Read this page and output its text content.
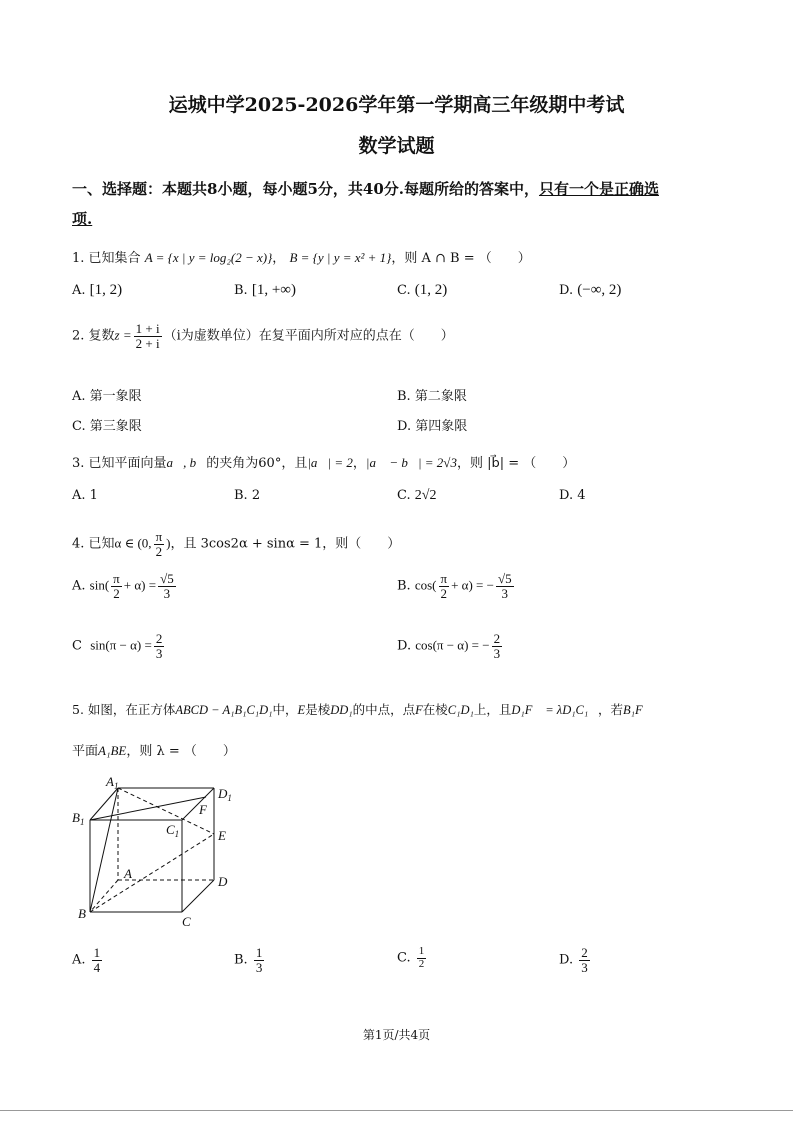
运城中学2025-2026学年第一学期高三年级期中考试
数学试题
一、选择题：本题共8小题，每小题5分，共40分.每题所给的答案中，只有一个是正确选
项.
1. 已知集合 A = {x | y = log₂(2 − x)}， B = {y | y = x² + 1}，则 A ∩ B = （　　）
A. [1, 2)	B. [1, +∞)	C. (1, 2)	D. (−∞, 2)
2. 复数$z = \frac{1 + i}{2 + i} (i$为虚数单位）在复平面内所对应的点在（　　）
A. 第一象限	B. 第二象限
C. 第三象限	D. 第四象限
3. 已知平面向量a⃗, b⃗的夹角为60°，且|a⃗| = 2，|a⃗ − b⃗| = 2√3，则 |b⃗| = （　　）
A. 1	B. 2	C. 2√2	D. 4
4. 已知α ∈ (0, $\frac{\pi}{2}$ )，且 3cos2α + sinα = 1，则（　　）
A. $\sin( \frac{\pi}{2} + \alpha) = \frac{√5}{3}$	B. $\cos( \frac{\pi}{2} + \alpha)$ = − $\frac{√5}{3}$
C $\sin(\pi - \alpha) = \frac{2}{3}$	D. cos(π − α) = − $\frac{2}{3}$
5. 如图，在正方体ABCD − A₁B₁C₁D₁中，E是棱DD₁的中点，点F在棱C₁D₁上，且D₁F⃗ = λD₁C₁⃗，若B₁F
平面A₁BE，则 λ = （　　）
$A_1$
$B_1$	$C_1$
$D_1$
F
E
A
D
B
C
A. $\frac{1}{4}$	B. $\frac{1}{3}$	C. $\frac{1}{2}$	D. $\frac{2}{3}$
第1页/共4页
